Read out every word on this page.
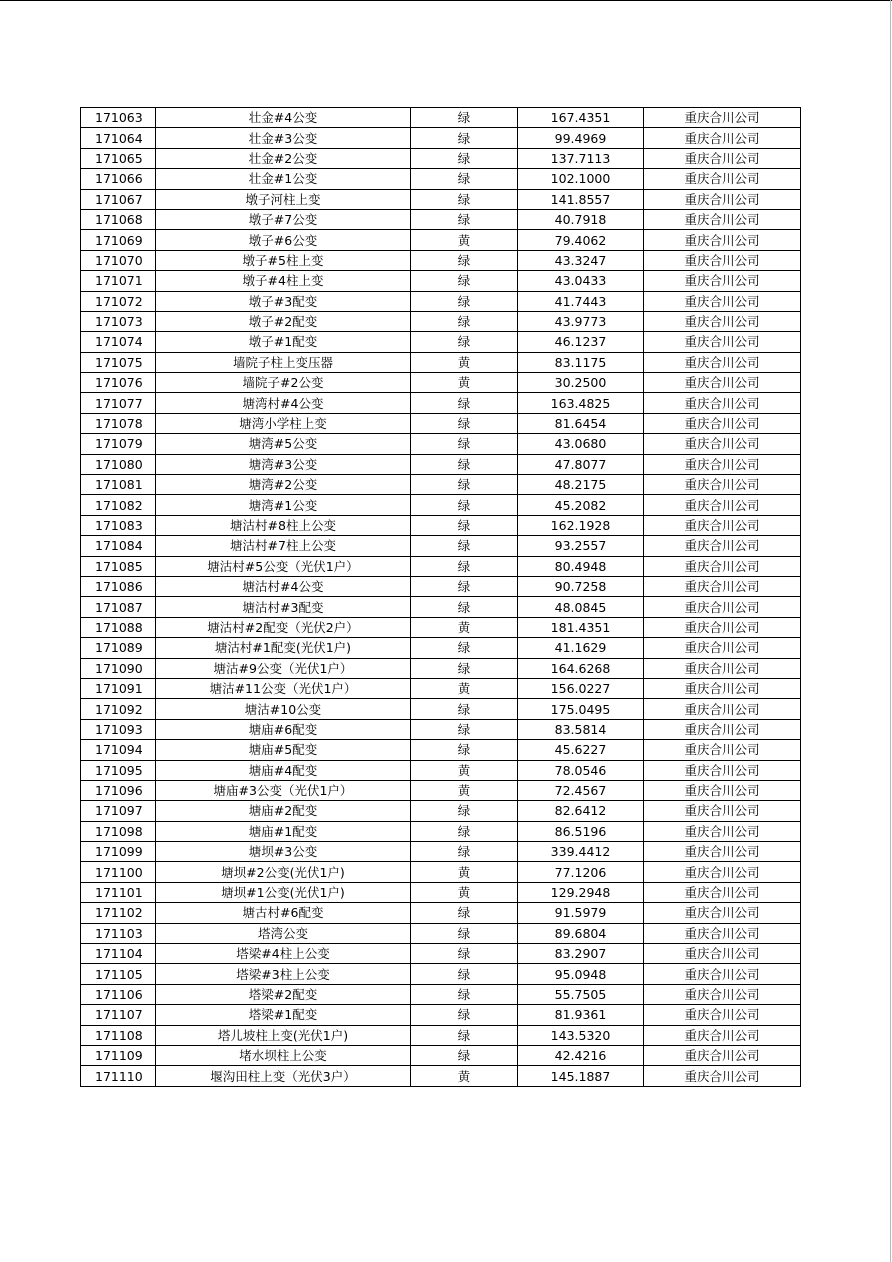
171063	壮金#4公变	绿	167.4351	重庆合川公司
171064	壮金#3公变	绿	99.4969	重庆合川公司
171065	壮金#2公变	绿	137.7113	重庆合川公司
171066	壮金#1公变	绿	102.1000	重庆合川公司
171067	墩子河柱上变	绿	141.8557	重庆合川公司
171068	墩子#7公变	绿	40.7918	重庆合川公司
171069	墩子#6公变	黄	79.4062	重庆合川公司
171070	墩子#5柱上变	绿	43.3247	重庆合川公司
171071	墩子#4柱上变	绿	43.0433	重庆合川公司
171072	墩子#3配变	绿	41.7443	重庆合川公司
171073	墩子#2配变	绿	43.9773	重庆合川公司
171074	墩子#1配变	绿	46.1237	重庆合川公司
171075	墙院子柱上变压器	黄	83.1175	重庆合川公司
171076	墙院子#2公变	黄	30.2500	重庆合川公司
171077	塘湾村#4公变	绿	163.4825	重庆合川公司
171078	塘湾小学柱上变	绿	81.6454	重庆合川公司
171079	塘湾#5公变	绿	43.0680	重庆合川公司
171080	塘湾#3公变	绿	47.8077	重庆合川公司
171081	塘湾#2公变	绿	48.2175	重庆合川公司
171082	塘湾#1公变	绿	45.2082	重庆合川公司
171083	塘沽村#8柱上公变	绿	162.1928	重庆合川公司
171084	塘沽村#7柱上公变	绿	93.2557	重庆合川公司
171085	塘沽村#5公变（光伏1户）	绿	80.4948	重庆合川公司
171086	塘沽村#4公变	绿	90.7258	重庆合川公司
171087	塘沽村#3配变	绿	48.0845	重庆合川公司
171088	塘沽村#2配变（光伏2户）	黄	181.4351	重庆合川公司
171089	塘沽村#1配变(光伏1户)	绿	41.1629	重庆合川公司
171090	塘沽#9公变（光伏1户）	绿	164.6268	重庆合川公司
171091	塘沽#11公变（光伏1户）	黄	156.0227	重庆合川公司
171092	塘沽#10公变	绿	175.0495	重庆合川公司
171093	塘庙#6配变	绿	83.5814	重庆合川公司
171094	塘庙#5配变	绿	45.6227	重庆合川公司
171095	塘庙#4配变	黄	78.0546	重庆合川公司
171096	塘庙#3公变（光伏1户）	黄	72.4567	重庆合川公司
171097	塘庙#2配变	绿	82.6412	重庆合川公司
171098	塘庙#1配变	绿	86.5196	重庆合川公司
171099	塘坝#3公变	绿	339.4412	重庆合川公司
171100	塘坝#2公变(光伏1户)	黄	77.1206	重庆合川公司
171101	塘坝#1公变(光伏1户)	黄	129.2948	重庆合川公司
171102	塘古村#6配变	绿	91.5979	重庆合川公司
171103	塔湾公变	绿	89.6804	重庆合川公司
171104	塔梁#4柱上公变	绿	83.2907	重庆合川公司
171105	塔梁#3柱上公变	绿	95.0948	重庆合川公司
171106	塔梁#2配变	绿	55.7505	重庆合川公司
171107	塔梁#1配变	绿	81.9361	重庆合川公司
171108	塔儿坡柱上变(光伏1户)	绿	143.5320	重庆合川公司
171109	堵水坝柱上公变	绿	42.4216	重庆合川公司
171110	堰沟田柱上变（光伏3户）	黄	145.1887	重庆合川公司
